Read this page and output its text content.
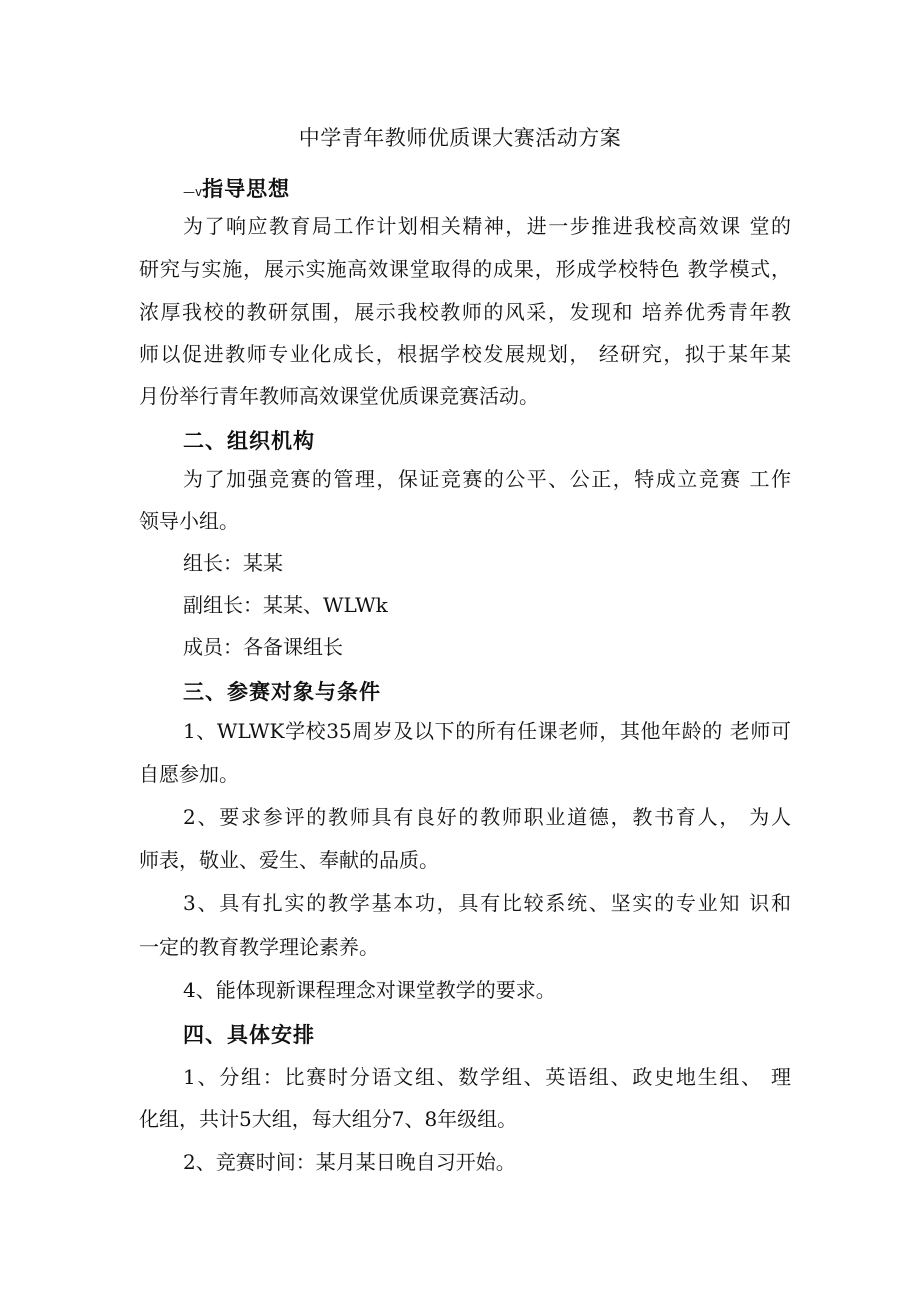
中学青年教师优质课大赛活动方案
—v指导思想
为了响应教育局工作计划相关精神，进一步推进我校高效课 堂的
研究与实施，展示实施高效课堂取得的成果，形成学校特色 教学模式，
浓厚我校的教研氛围，展示我校教师的风采，发现和 培养优秀青年教
师以促进教师专业化成长，根据学校发展规划， 经研究，拟于某年某
月份举行青年教师高效课堂优质课竞赛活动。
二、组织机构
为了加强竞赛的管理，保证竞赛的公平、公正，特成立竞赛 工作
领导小组。
组长：某某
副组长：某某、WLWk
成员：各备课组长
三、参赛对象与条件
1、WLWK学校35周岁及以下的所有任课老师，其他年龄的 老师可
自愿参加。
2、要求参评的教师具有良好的教师职业道德，教书育人， 为人
师表，敬业、爱生、奉献的品质。
3、具有扎实的教学基本功，具有比较系统、坚实的专业知 识和
一定的教育教学理论素养。
4、能体现新课程理念对课堂教学的要求。
四、具体安排
1、分组：比赛时分语文组、数学组、英语组、政史地生组、 理
化组，共计5大组，每大组分7、8年级组。
2、竞赛时间：某月某日晚自习开始。
